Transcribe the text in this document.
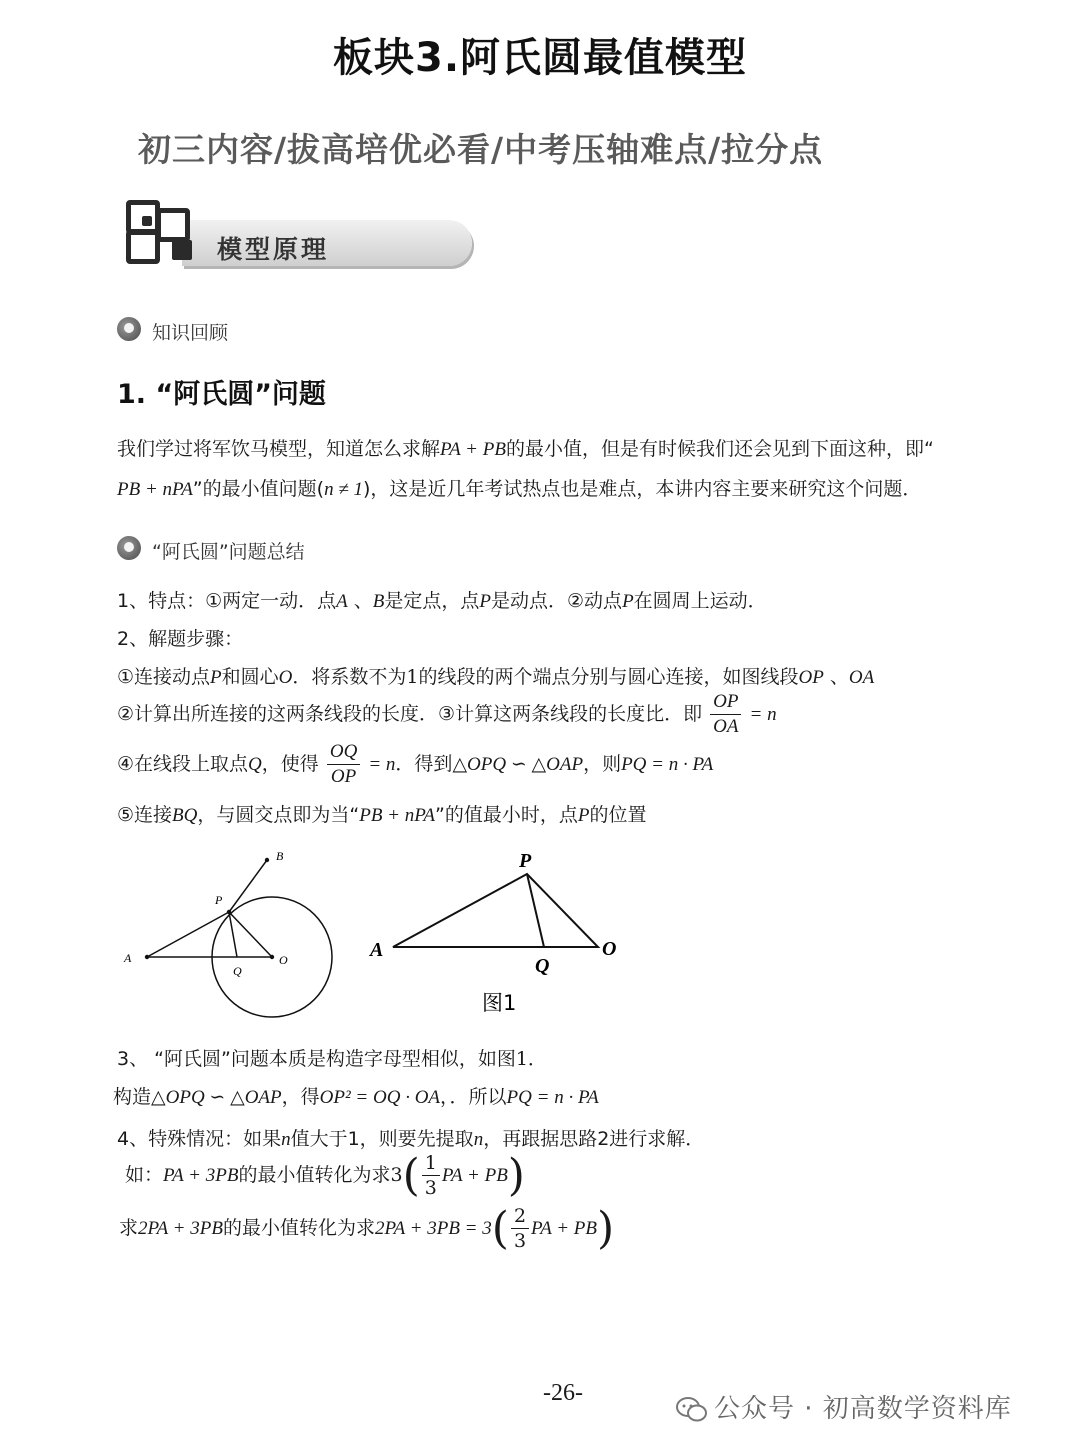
板块3.阿氏圆最值模型
初三内容/拔高培优必看/中考压轴难点/拉分点
模型原理
知识回顾
1. “阿氏圆”问题
我们学过将军饮马模型，知道怎么求解PA + PB的最小值，但是有时候我们还会见到下面这种，即“
PB + nPA”的最小值问题(n ≠ 1)，这是近几年考试热点也是难点，本讲内容主要来研究这个问题．
“阿氏圆”问题总结
1、特点：①两定一动．点A 、B是定点，点P是动点．②动点P在圆周上运动．
2、解题步骤：
①连接动点P和圆心O．将系数不为1的线段的两个端点分别与圆心连接，如图线段OP 、OA
②计算出所连接的这两条线段的长度．③计算这两条线段的长度比．即 $\frac{OP}{OA} = n$
④在线段上取点Q，使得 $\frac{OQ}{OP} = n$．得到△OPQ ∽ △OAP，则PQ = n · PA
⑤连接BQ，与圆交点即为当“PB + nPA”的值最小时，点P的位置
A
B
P
O
Q
A
P
O
Q
图1
3、 “阿氏圆”问题本质是构造字母型相似，如图1．
构造△OPQ ∽ △OAP，得OP² = OQ · OA，．所以PQ = n · PA
4、特殊情况：如果n值大于1，则要先提取n，再跟据思路2进行求解．
如：PA + 3PB的最小值转化为求$3( \frac{1}{3}$ PA + PB)
求2PA + 3PB的最小值转化为求$2PA + 3PB = 3( \frac{2}{3}$ PA + PB)
-26-
公众号 · 初高数学资料库
